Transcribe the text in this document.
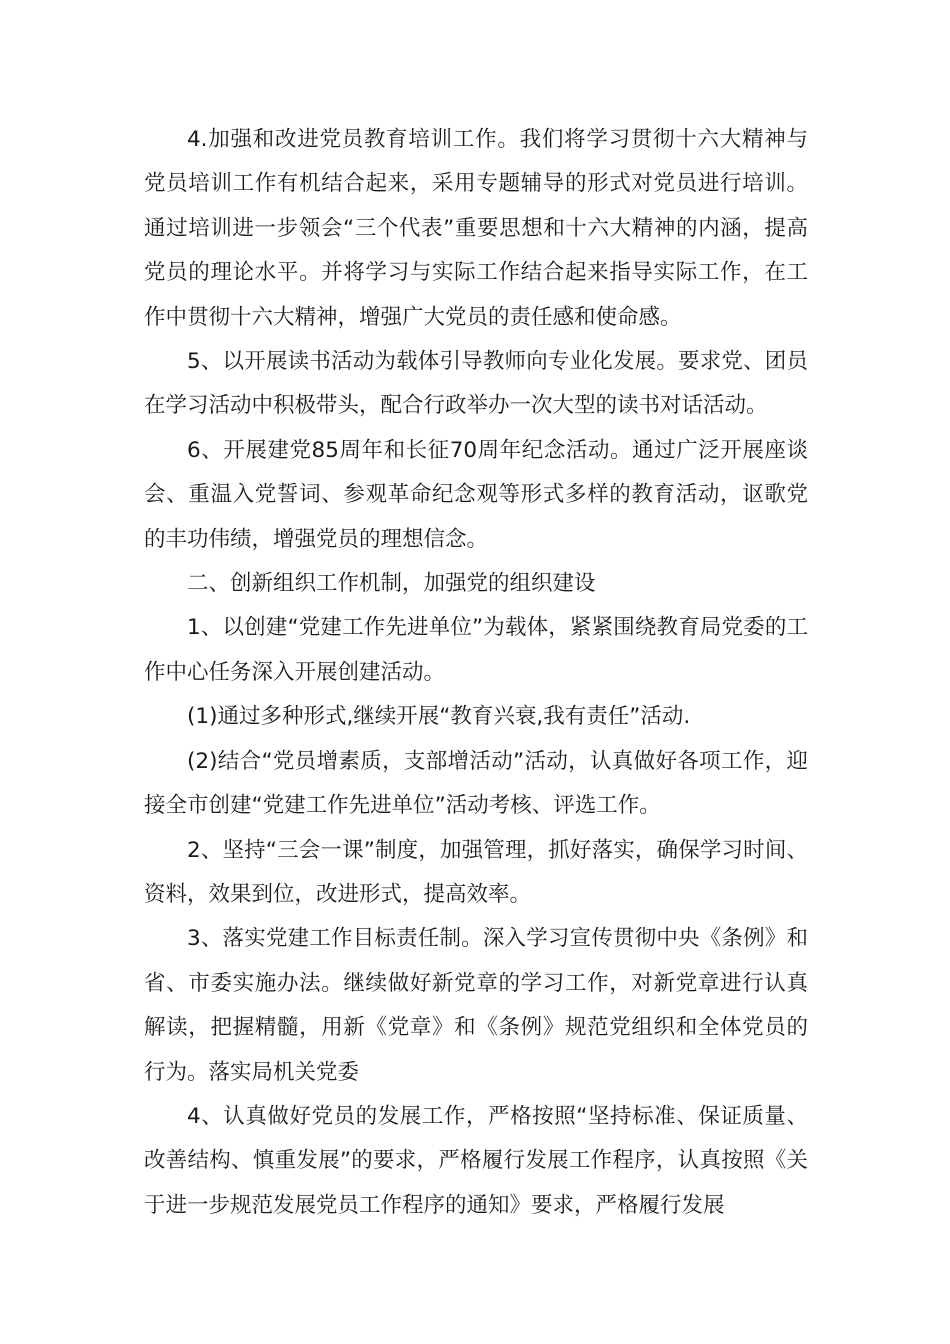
4.加强和改进党员教育培训工作。我们将学习贯彻十六大精神与党员培训工作有机结合起来，采用专题辅导的形式对党员进行培训。通过培训进一步领会“三个代表”重要思想和十六大精神的内涵，提高党员的理论水平。并将学习与实际工作结合起来指导实际工作，在工作中贯彻十六大精神，增强广大党员的责任感和使命感。

5、以开展读书活动为载体引导教师向专业化发展。要求党、团员在学习活动中积极带头，配合行政举办一次大型的读书对话活动。

6、开展建党85周年和长征70周年纪念活动。通过广泛开展座谈会、重温入党誓词、参观革命纪念观等形式多样的教育活动，讴歌党的丰功伟绩，增强党员的理想信念。

二、创新组织工作机制，加强党的组织建设

1、以创建“党建工作先进单位”为载体，紧紧围绕教育局党委的工作中心任务深入开展创建活动。

(1)通过多种形式,继续开展“教育兴衰,我有责任”活动.

(2)结合“党员增素质，支部增活动”活动，认真做好各项工作，迎接全市创建“党建工作先进单位”活动考核、评选工作。

2、坚持“三会一课”制度，加强管理，抓好落实，确保学习时间、资料，效果到位，改进形式，提高效率。

3、落实党建工作目标责任制。深入学习宣传贯彻中央《条例》和省、市委实施办法。继续做好新党章的学习工作，对新党章进行认真解读，把握精髓，用新《党章》和《条例》规范党组织和全体党员的行为。落实局机关党委

4、认真做好党员的发展工作，严格按照“坚持标准、保证质量、改善结构、慎重发展”的要求，严格履行发展工作程序，认真按照《关于进一步规范发展党员工作程序的通知》要求，严格履行发展
